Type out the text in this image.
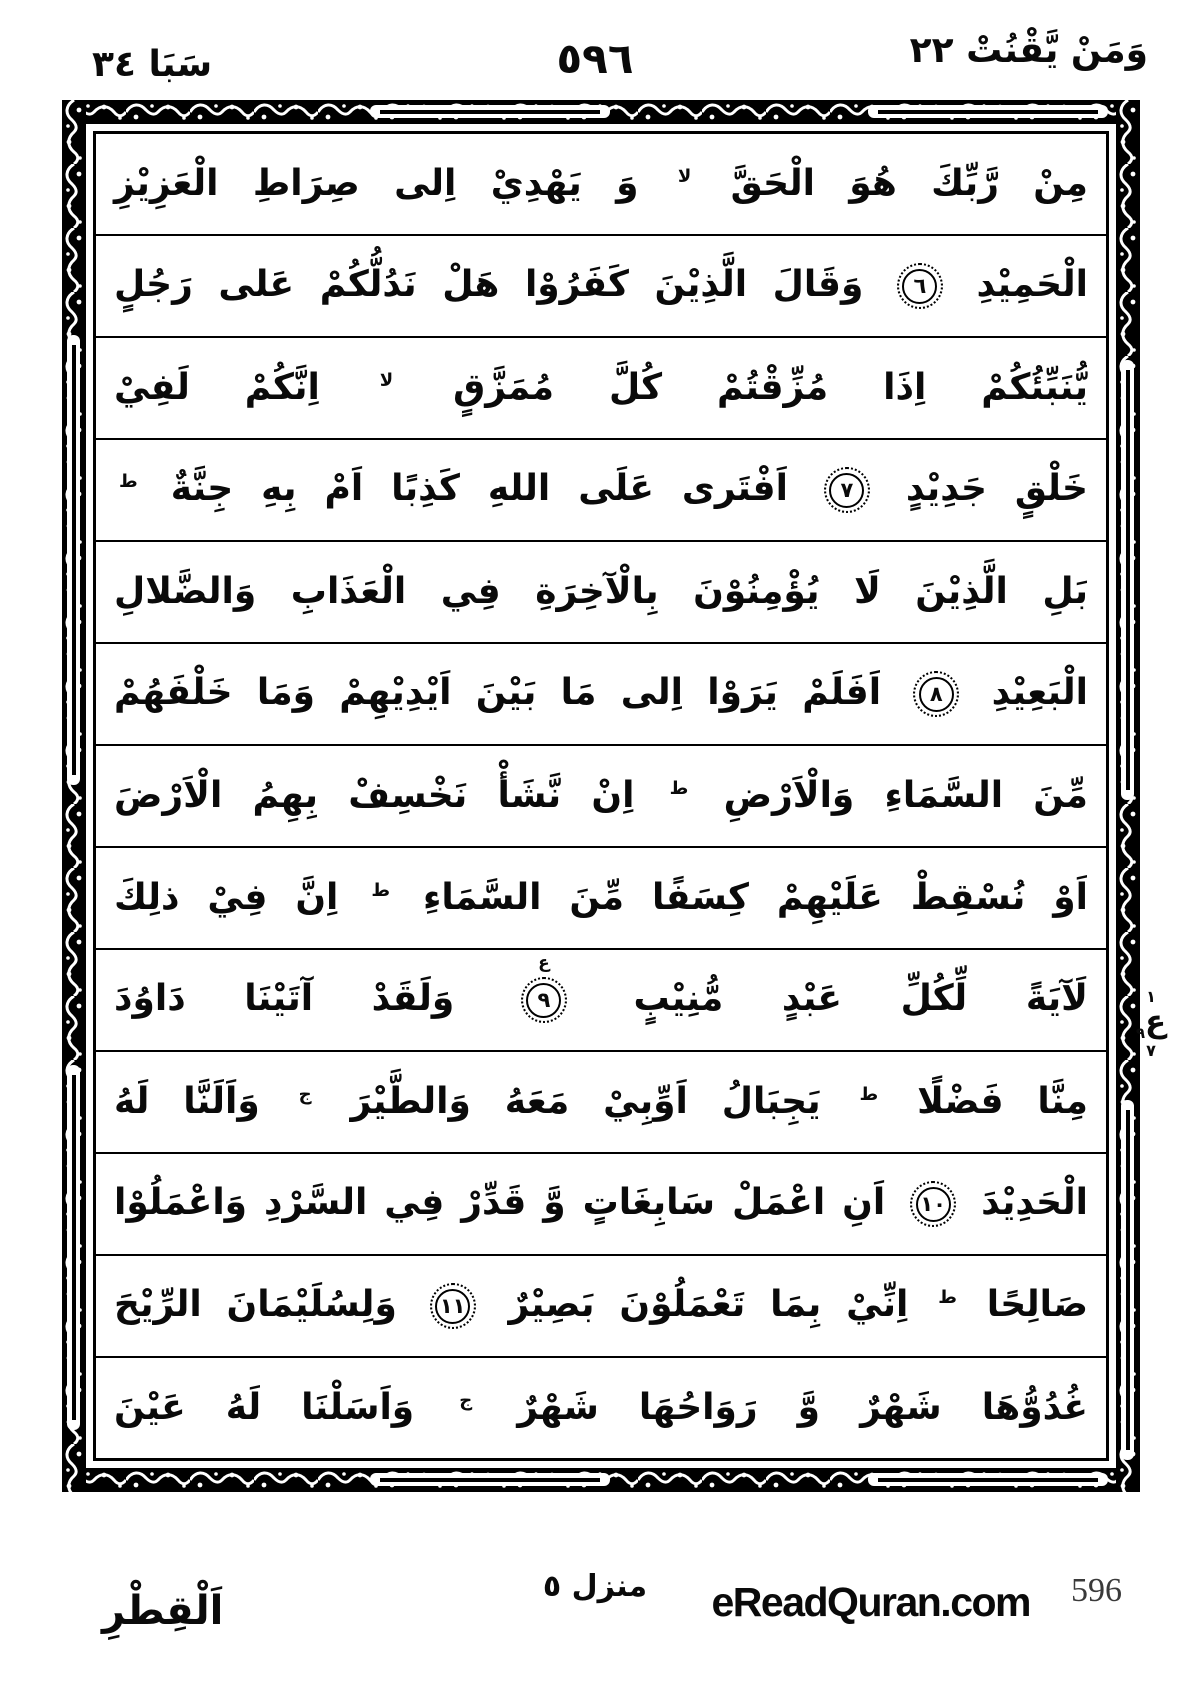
سَبَا ٣٤	٥٩٦	وَمَنْ يَّقْنُتْ ٢٢
مِنْ رَّبِّكَ هُوَ الْحَقَّ $^{لا}$ وَ يَهْدِيْ اِلى صِرَاطِ الْعَزِيْزِ
الْحَمِيْدِ
٦
وَقَالَ الَّذِيْنَ كَفَرُوْا هَلْ نَدُلُّكُمْ عَلى رَجُلٍ
يُّنَبِّئُكُمْ اِذَا مُزِّقْتُمْ كُلَّ مُمَزَّقٍ $^{لا}$ اِنَّكُمْ لَفِيْ
خَلْقٍ جَدِيْدٍ
٧
اَفْتَرى عَلَى اللهِ كَذِبًا اَمْ بِهِ جِنَّةٌ $^ط$
بَلِ الَّذِيْنَ لَا يُؤْمِنُوْنَ بِالْآخِرَةِ فِي الْعَذَابِ وَالضَّلالِ
الْبَعِيْدِ
٨
اَفَلَمْ يَرَوْا اِلى مَا بَيْنَ اَيْدِيْهِمْ وَمَا خَلْفَهُمْ
مِّنَ السَّمَاءِ وَالْاَرْضِ $^ط$ اِنْ نَّشَأْ نَخْسِفْ بِهِمُ الْاَرْضَ
اَوْ نُسْقِطْ عَلَيْهِمْ كِسَفًا مِّنَ السَّمَاءِ $^ط$ اِنَّ فِيْ ذلِكَ
لَآيَةً لِّكُلِّ عَبْدٍ مُّنِيْبٍ
ع
٩
وَلَقَدْ آتَيْنَا دَاوُدَ
مِنَّا فَضْلًا $^ط$ يَجِبَالُ اَوِّبِيْ مَعَهُ وَالطَّيْرَ $^ج$ وَاَلَنَّا لَهُ
الْحَدِيْدَ
١٠
اَنِ اعْمَلْ سَابِغَاتٍ وَّ قَدِّرْ فِي السَّرْدِ وَاعْمَلُوْا
صَالِحًا $^ط$ اِنِّيْ بِمَا تَعْمَلُوْنَ بَصِيْرٌ
١١
وَلِسُلَيْمَانَ الرِّيْحَ
غُدُوُّهَا شَهْرٌ وَّ رَوَاحُهَا شَهْرٌ $^ج$ وَاَسَلْنَا لَهُ عَيْنَ
١
ع٩
٧
اَلْقِطْرِ
منزل ٥	eReadQuran.com 596
